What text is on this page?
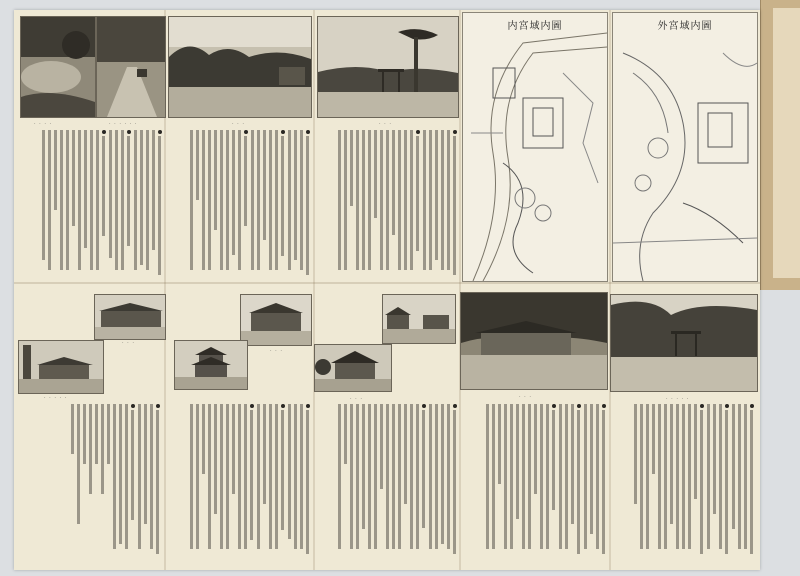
· · · ·	· · · · · ·	· · ·	· · ·
内宮域内圖	外宮域内圖
· · · · ·
· · ·
· · ·
· · ·	· · ·	· · · · ·
